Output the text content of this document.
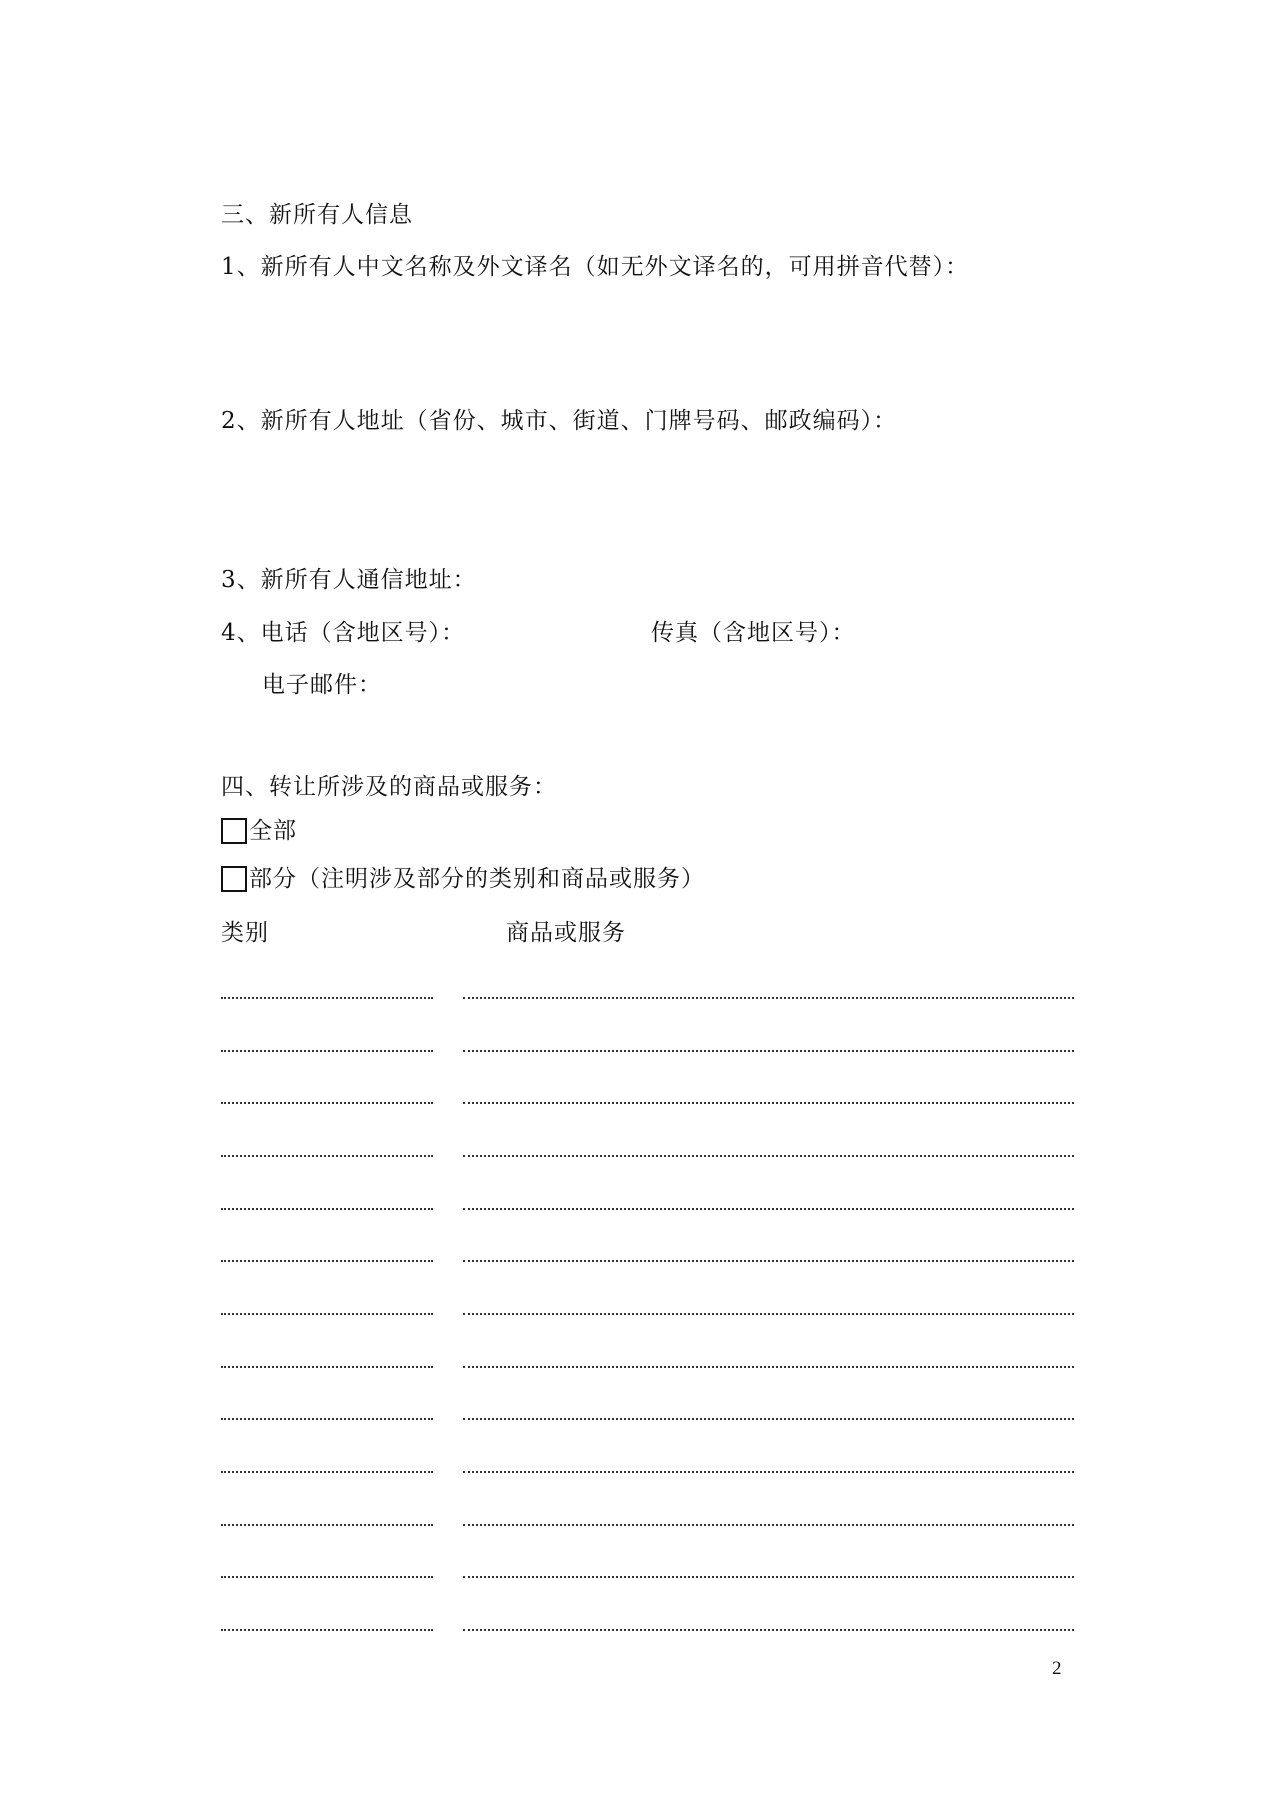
三、新所有人信息
1、新所有人中文名称及外文译名（如无外文译名的，可用拼音代替）：
2、新所有人地址（省份、城市、街道、门牌号码、邮政编码）：
3、新所有人通信地址：
4、电话（含地区号）：	传真（含地区号）：
电子邮件：
四、转让所涉及的商品或服务：
全部
部分（注明涉及部分的类别和商品或服务）
类别	商品或服务
2
